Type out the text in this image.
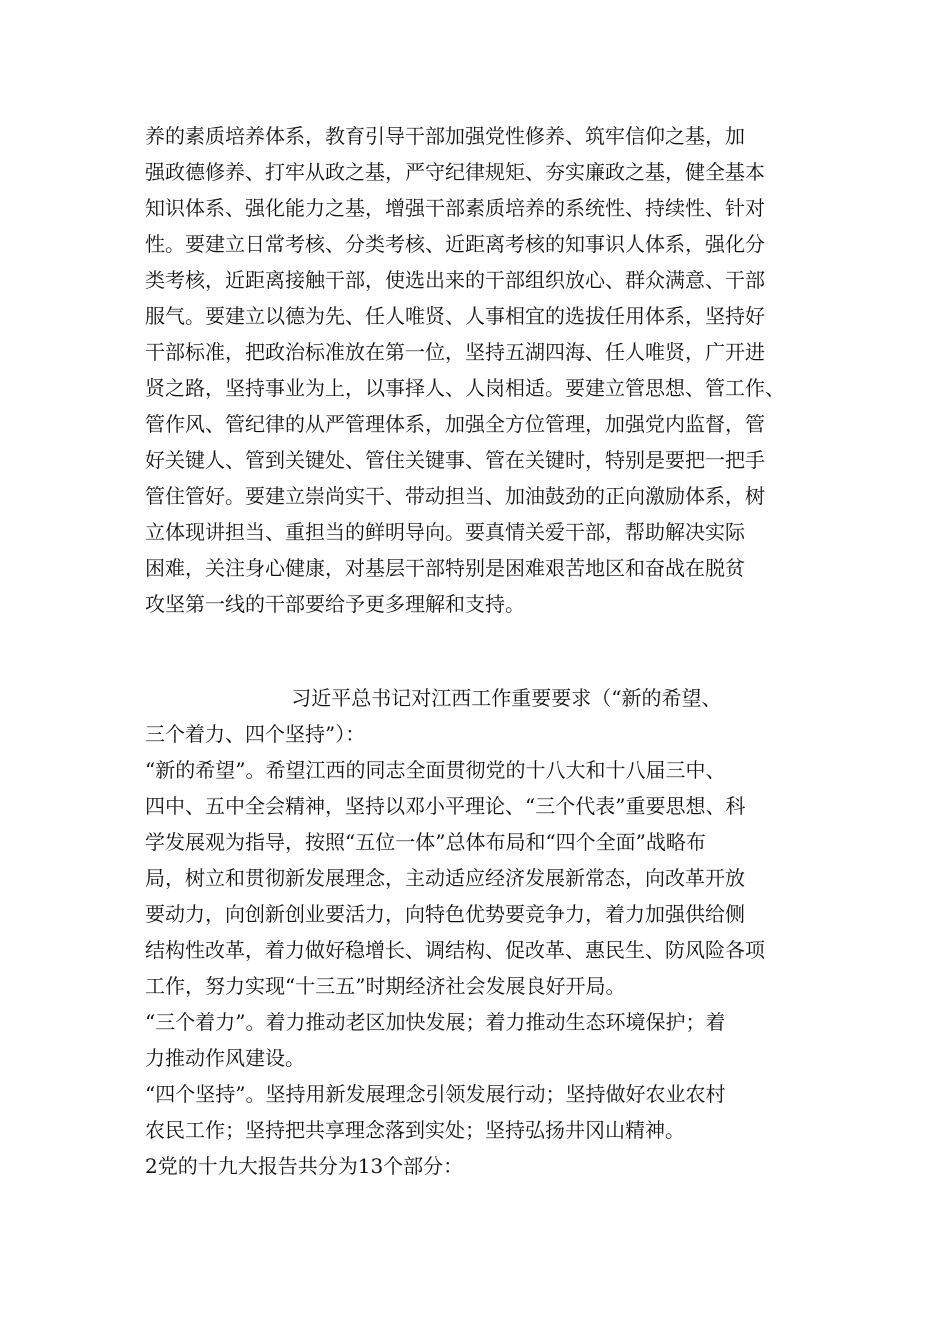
养的素质培养体系，教育引导干部加强党性修养、筑牢信仰之基，加
强政德修养、打牢从政之基，严守纪律规矩、夯实廉政之基，健全基本
知识体系、强化能力之基，增强干部素质培养的系统性、持续性、针对
性。要建立日常考核、分类考核、近距离考核的知事识人体系，强化分
类考核，近距离接触干部，使选出来的干部组织放心、群众满意、干部
服气。要建立以德为先、任人唯贤、人事相宜的选拔任用体系，坚持好
干部标准，把政治标准放在第一位，坚持五湖四海、任人唯贤，广开进
贤之路，坚持事业为上，以事择人、人岗相适。要建立管思想、管工作、
管作风、管纪律的从严管理体系，加强全方位管理，加强党内监督，管
好关键人、管到关键处、管住关键事、管在关键时，特别是要把一把手
管住管好。要建立崇尚实干、带动担当、加油鼓劲的正向激励体系，树
立体现讲担当、重担当的鲜明导向。要真情关爱干部，帮助解决实际
困难，关注身心健康，对基层干部特别是困难艰苦地区和奋战在脱贫
攻坚第一线的干部要给予更多理解和支持。
习近平总书记对江西工作重要要求（“新的希望、
三个着力、四个坚持”）：
“新的希望”。希望江西的同志全面贯彻党的十八大和十八届三中、
四中、五中全会精神，坚持以邓小平理论、“三个代表”重要思想、科
学发展观为指导，按照“五位一体”总体布局和“四个全面”战略布
局，树立和贯彻新发展理念，主动适应经济发展新常态，向改革开放
要动力，向创新创业要活力，向特色优势要竞争力，着力加强供给侧
结构性改革，着力做好稳增长、调结构、促改革、惠民生、防风险各项
工作，努力实现“十三五”时期经济社会发展良好开局。
“三个着力”。着力推动老区加快发展；着力推动生态环境保护；着
力推动作风建设。
“四个坚持”。坚持用新发展理念引领发展行动；坚持做好农业农村
农民工作；坚持把共享理念落到实处；坚持弘扬井冈山精神。
2党的十九大报告共分为13个部分：
